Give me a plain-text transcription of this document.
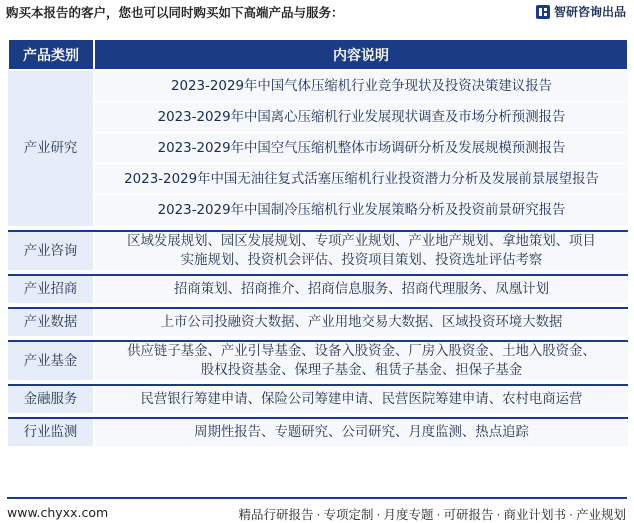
购买本报告的客户，您也可以同时购买如下高端产品与服务：	智研咨询出品
产品类别	内容说明
产业研究	2023-2029年中国气体压缩机行业竞争现状及投资决策建议报告
	2023-2029年中国离心压缩机行业发展现状调查及市场分析预测报告
	2023-2029年中国空气压缩机整体市场调研分析及发展规模预测报告
	2023-2029年中国无油往复式活塞压缩机行业投资潜力分析及发展前景展望报告
	2023-2029年中国制冷压缩机行业发展策略分析及投资前景研究报告

产业咨询	区域发展规划、园区发展规划、专项产业规划、产业地产规划、拿地策划、项目
实施规划、投资机会评估、投资项目策划、投资选址评估考察

产业招商	招商策划、招商推介、招商信息服务、招商代理服务、凤凰计划

产业数据	上市公司投融资大数据、产业用地交易大数据、区域投资环境大数据

产业基金	供应链子基金、产业引导基金、设备入股资金、厂房入股资金、土地入股资金、
股权投资基金、保理子基金、租赁子基金、担保子基金

金融服务	民营银行筹建申请、保险公司筹建申请、民营医院筹建申请、农村电商运营

行业监测	周期性报告、专题研究、公司研究、月度监测、热点追踪
www.chyxx.com	精品行研报告 · 专项定制 · 月度专题 · 可研报告 · 商业计划书 · 产业规划
